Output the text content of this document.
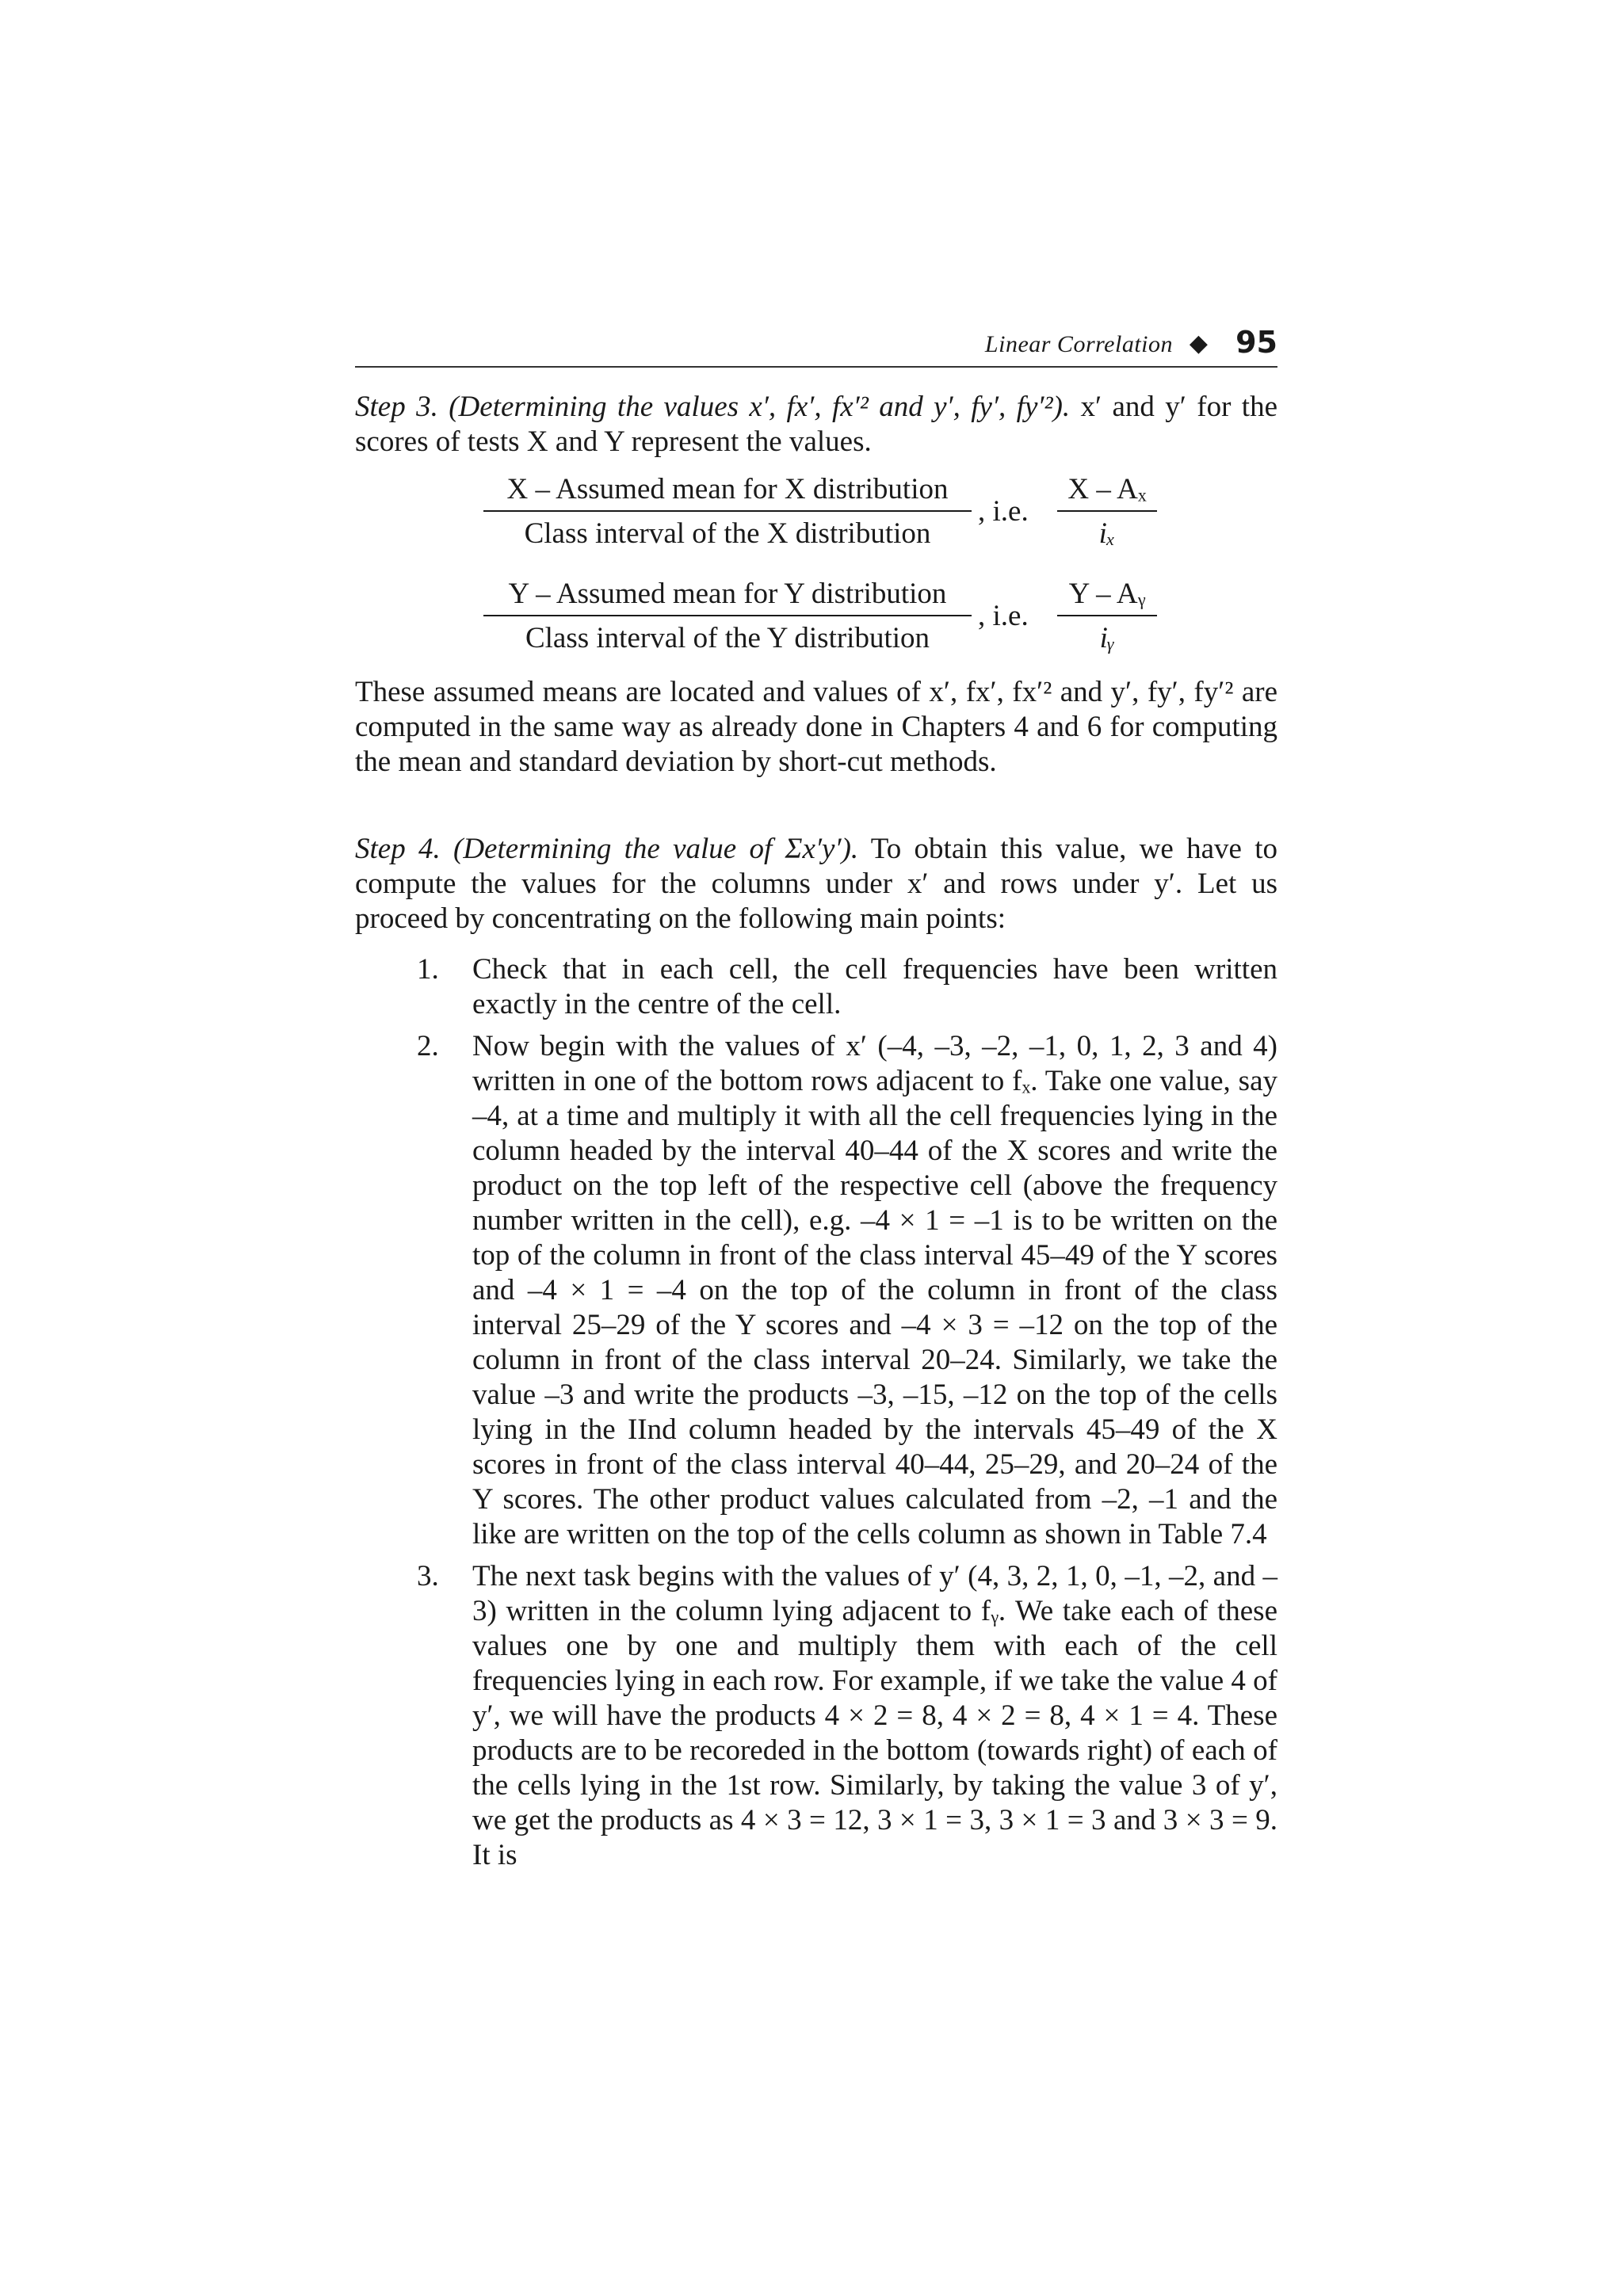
Linear Correlation ◆ 95

Step 3. (Determining the values x′, fx′, fx′² and y′, fy′, fy′²). x′ and y′ for the scores of tests X and Y represent the values.

X – Assumed mean for X distribution
Class interval of the X distribution
, i.e. $\frac{\text{X – Aₓ}}{\text{iₓ}}$
Y – Assumed mean for Y distribution
Class interval of the Y distribution
, i.e. $\frac{\text{Y – Aᵧ}}{\text{iᵧ}}$

These assumed means are located and values of x′, fx′, fx′² and y′, fy′, fy′² are computed in the same way as already done in Chapters 4 and 6 for computing the mean and standard deviation by short-cut methods.

Step 4. (Determining the value of Σx′y′). To obtain this value, we have to compute the values for the columns under x′ and rows under y′. Let us proceed by concentrating on the following main points:

1. Check that in each cell, the cell frequencies have been written exactly in the centre of the cell.
2. Now begin with the values of x′ (–4, –3, –2, –1, 0, 1, 2, 3 and 4) written in one of the bottom rows adjacent to fₓ. Take one value, say –4, at a time and multiply it with all the cell frequencies lying in the column headed by the interval 40–44 of the X scores and write the product on the top left of the respective cell (above the frequency number written in the cell), e.g. –4 × 1 = –1 is to be written on the top of the column in front of the class interval 45–49 of the Y scores and –4 × 1 = –4 on the top of the column in front of the class interval 25–29 of the Y scores and –4 × 3 = –12 on the top of the column in front of the class interval 20–24. Similarly, we take the value –3 and write the products –3, –15, –12 on the top of the cells lying in the IInd column headed by the intervals 45–49 of the X scores in front of the class interval 40–44, 25–29, and 20–24 of the Y scores. The other product values calculated from –2, –1 and the like are written on the top of the cells column as shown in Table 7.4
3. The next task begins with the values of y′ (4, 3, 2, 1, 0, –1, –2, and –3) written in the column lying adjacent to fᵧ. We take each of these values one by one and multiply them with each of the cell frequencies lying in each row. For example, if we take the value 4 of y′, we will have the products 4 × 2 = 8, 4 × 2 = 8, 4 × 1 = 4. These products are to be recoreded in the bottom (towards right) of each of the cells lying in the 1st row. Similarly, by taking the value 3 of y′, we get the products as 4 × 3 = 12, 3 × 1 = 3, 3 × 1 = 3 and 3 × 3 = 9. It is
